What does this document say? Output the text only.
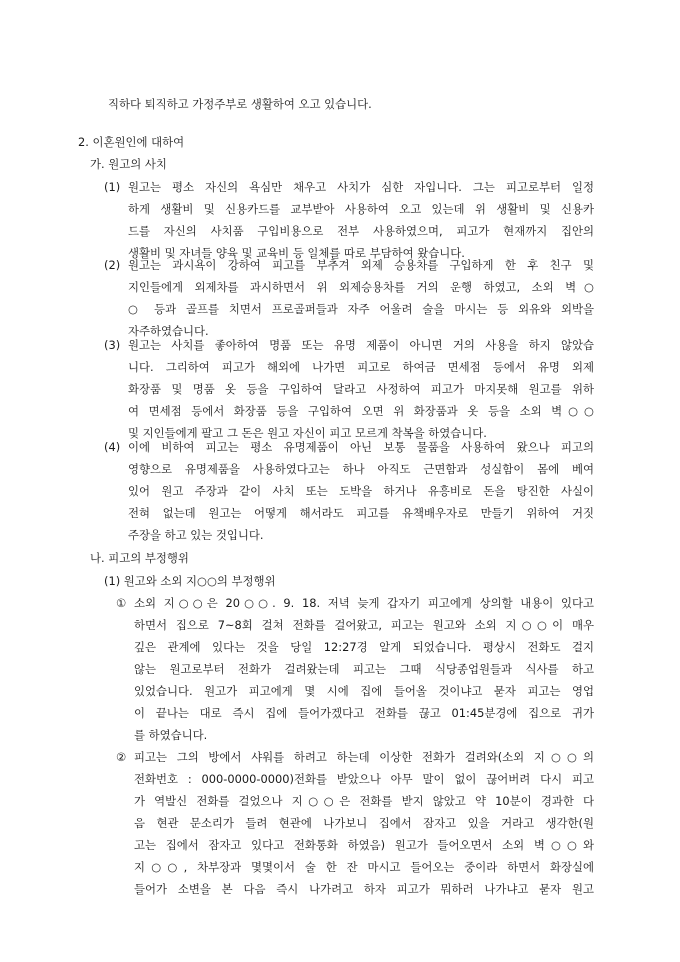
직하다 퇴직하고 가정주부로 생활하여 오고 있습니다.
2. 이혼원인에 대하여
가. 원고의 사치
(1) 원고는 평소 자신의 욕심만 채우고 사치가 심한 자입니다. 그는 피고로부터 일정
하게 생활비 및 신용카드를 교부받아 사용하여 오고 있는데 위 생활비 및 신용카
드를 자신의 사치품 구입비용으로 전부 사용하였으며, 피고가 현재까지 집안의
생활비 및 자녀들 양육 및 교육비 등 일체를 따로 부담하여 왔습니다.
(2) 원고는 과시욕이 강하여 피고를 부추겨 외제 승용차를 구입하게 한 후 친구 및
지인들에게 외제차를 과시하면서 위 외제승용차를 거의 운행 하였고, 소외 벽○
○ 등과 골프를 치면서 프로골퍼들과 자주 어울려 술을 마시는 등 외유와 외박을
자주하였습니다.
(3) 원고는 사치를 좋아하여 명품 또는 유명 제품이 아니면 거의 사용을 하지 않았습
니다. 그리하여 피고가 해외에 나가면 피고로 하여금 면세점 등에서 유명 외제
화장품 및 명품 옷 등을 구입하여 달라고 사정하여 피고가 마지못해 원고를 위하
여 면세점 등에서 화장품 등을 구입하여 오면 위 화장품과 옷 등을 소외 벽○○
및 지인들에게 팔고 그 돈은 원고 자신이 피고 모르게 착복을 하였습니다.
(4) 이에 비하여 피고는 평소 유명제품이 아닌 보통 물품을 사용하여 왔으나 피고의
영향으로 유명제품을 사용하였다고는 하나 아직도 근면함과 성실함이 몸에 베여
있어 원고 주장과 같이 사치 또는 도박을 하거나 유흥비로 돈을 탕진한 사실이
전혀 없는데 원고는 어떻게 해서라도 피고를 유책배우자로 만들기 위하여 거짓
주장을 하고 있는 것입니다.
나. 피고의 부정행위
(1) 원고와 소외 지○○의 부정행위
① 소외 지○○은 20○○. 9. 18. 저녁 늦게 갑자기 피고에게 상의할 내용이 있다고
하면서 집으로 7~8회 걸쳐 전화를 걸어왔고, 피고는 원고와 소외 지○○이 매우
깊은 관계에 있다는 것을 당일 12:27경 알게 되었습니다. 평상시 전화도 걸지
않는 원고로부터 전화가 걸려왔는데 피고는 그때 식당종업원들과 식사를 하고
있었습니다. 원고가 피고에게 몇 시에 집에 들어올 것이냐고 묻자 피고는 영업
이 끝나는 대로 즉시 집에 들어가겠다고 전화를 끊고 01:45분경에 집으로 귀가
를 하였습니다.
② 피고는 그의 방에서 샤워를 하려고 하는데 이상한 전화가 걸려와(소외 지○○의
전화번호 : 000-0000-0000)전화를 받았으나 아무 말이 없이 끊어버려 다시 피고
가 역발신 전화를 걸었으나 지○○은 전화를 받지 않았고 약 10분이 경과한 다
음 현관 문소리가 들려 현관에 나가보니 집에서 잠자고 있을 거라고 생각한(원
고는 집에서 잠자고 있다고 전화통화 하였음) 원고가 들어오면서 소외 벽○○와
지○○, 차부장과 몇몇이서 술 한 잔 마시고 들어오는 중이라 하면서 화장실에
들어가 소변을 본 다음 즉시 나가려고 하자 피고가 뭐하러 나가냐고 묻자 원고
